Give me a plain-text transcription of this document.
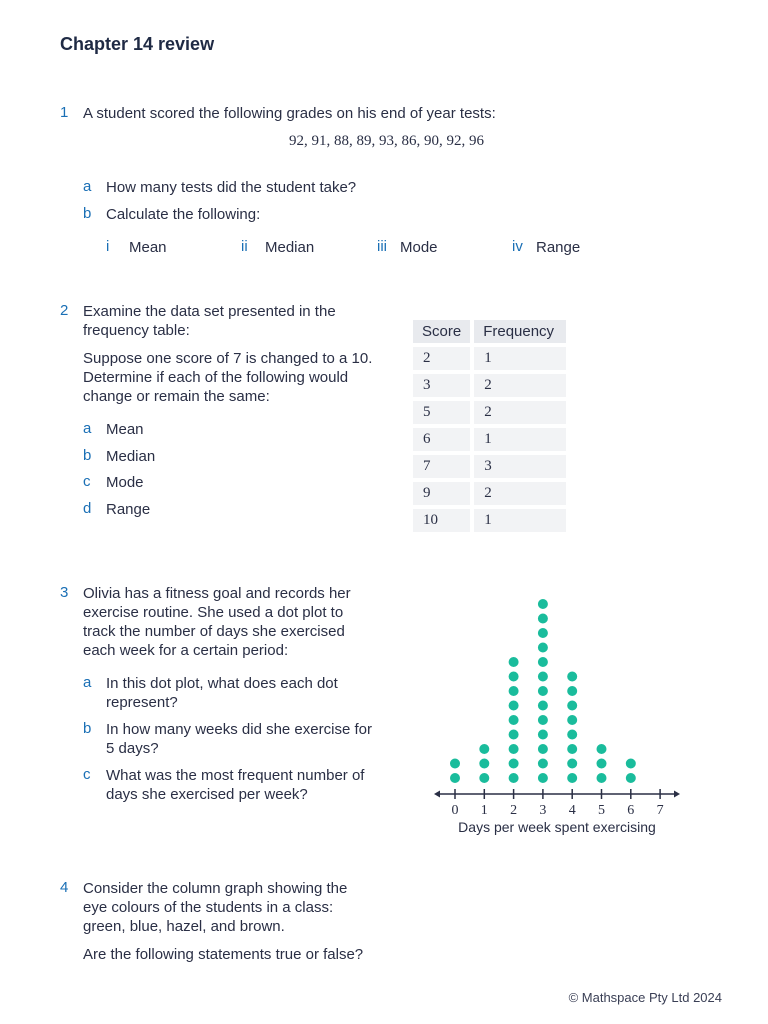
Chapter 14 review
1 A student scored the following grades on his end of year tests:
92, 91, 88, 89, 93, 86, 90, 92, 96
a How many tests did the student take?
b Calculate the following:
i Mean	ii Median	iii Mode	iv Range
2 Examine the data set presented in the
frequency table:
Suppose one score of 7 is changed to a 10.
Determine if each of the following would
change or remain the same:
a Mean
b Median
c Mode
d Range
Score	Frequency
2	1
3	2
5	2
6	1
7	3
9	2
10	1
3 Olivia has a fitness goal and records her
exercise routine. She used a dot plot to
track the number of days she exercised
each week for a certain period:
a In this dot plot, what does each dot
represent?
b In how many weeks did she exercise for
5 days?
c What was the most frequent number of
days she exercised per week?
0 1 2 3 4 5 6 7
Days per week spent exercising
4 Consider the column graph showing the
eye colours of the students in a class:
green, blue, hazel, and brown.
Are the following statements true or false?
© Mathspace Pty Ltd 2024
